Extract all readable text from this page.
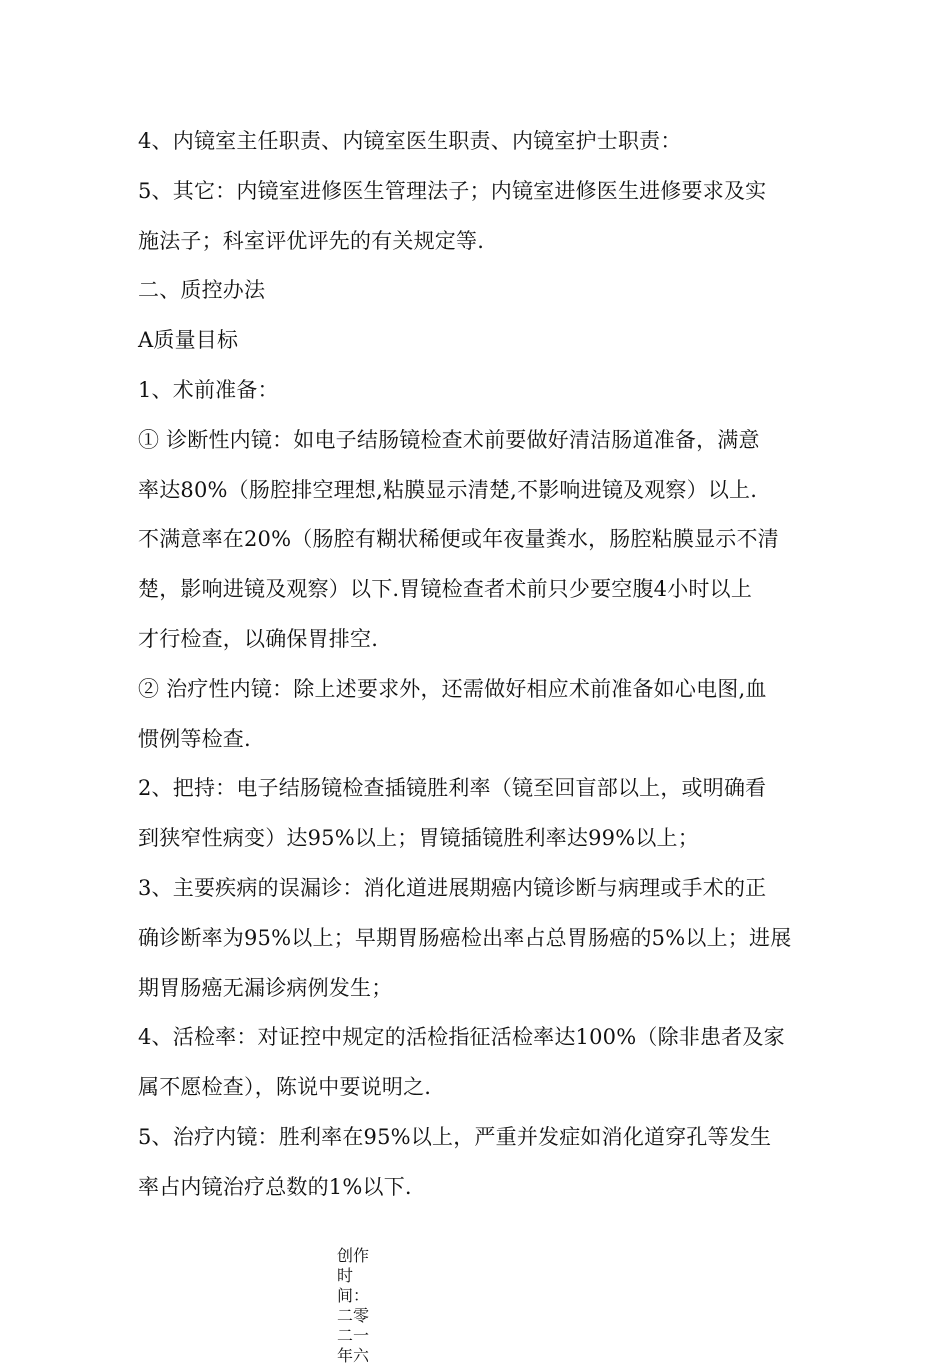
4、内镜室主任职责、内镜室医生职责、内镜室护士职责：
5、其它：内镜室进修医生管理法子；内镜室进修医生进修要求及实
施法子；科室评优评先的有关规定等.
二、质控办法
A质量目标
1、术前准备：
① 诊断性内镜：如电子结肠镜检查术前要做好清洁肠道准备，满意
率达80%（肠腔排空理想,粘膜显示清楚,不影响进镜及观察）以上.
不满意率在20%（肠腔有糊状稀便或年夜量粪水，肠腔粘膜显示不清
楚，影响进镜及观察）以下.胃镜检查者术前只少要空腹4小时以上
才行检查，以确保胃排空.
② 治疗性内镜：除上述要求外，还需做好相应术前准备如心电图,血
惯例等检查.
2、把持：电子结肠镜检查插镜胜利率（镜至回盲部以上，或明确看
到狭窄性病变）达95%以上；胃镜插镜胜利率达99%以上；
3、主要疾病的误漏诊：消化道进展期癌内镜诊断与病理或手术的正
确诊断率为95%以上；早期胃肠癌检出率占总胃肠癌的5%以上；进展
期胃肠癌无漏诊病例发生；
4、活检率：对证控中规定的活检指征活检率达100%（除非患者及家
属不愿检查），陈说中要说明之.
5、治疗内镜：胜利率在95%以上，严重并发症如消化道穿孔等发生
率占内镜治疗总数的1%以下.
创作时间：二零二一年六
